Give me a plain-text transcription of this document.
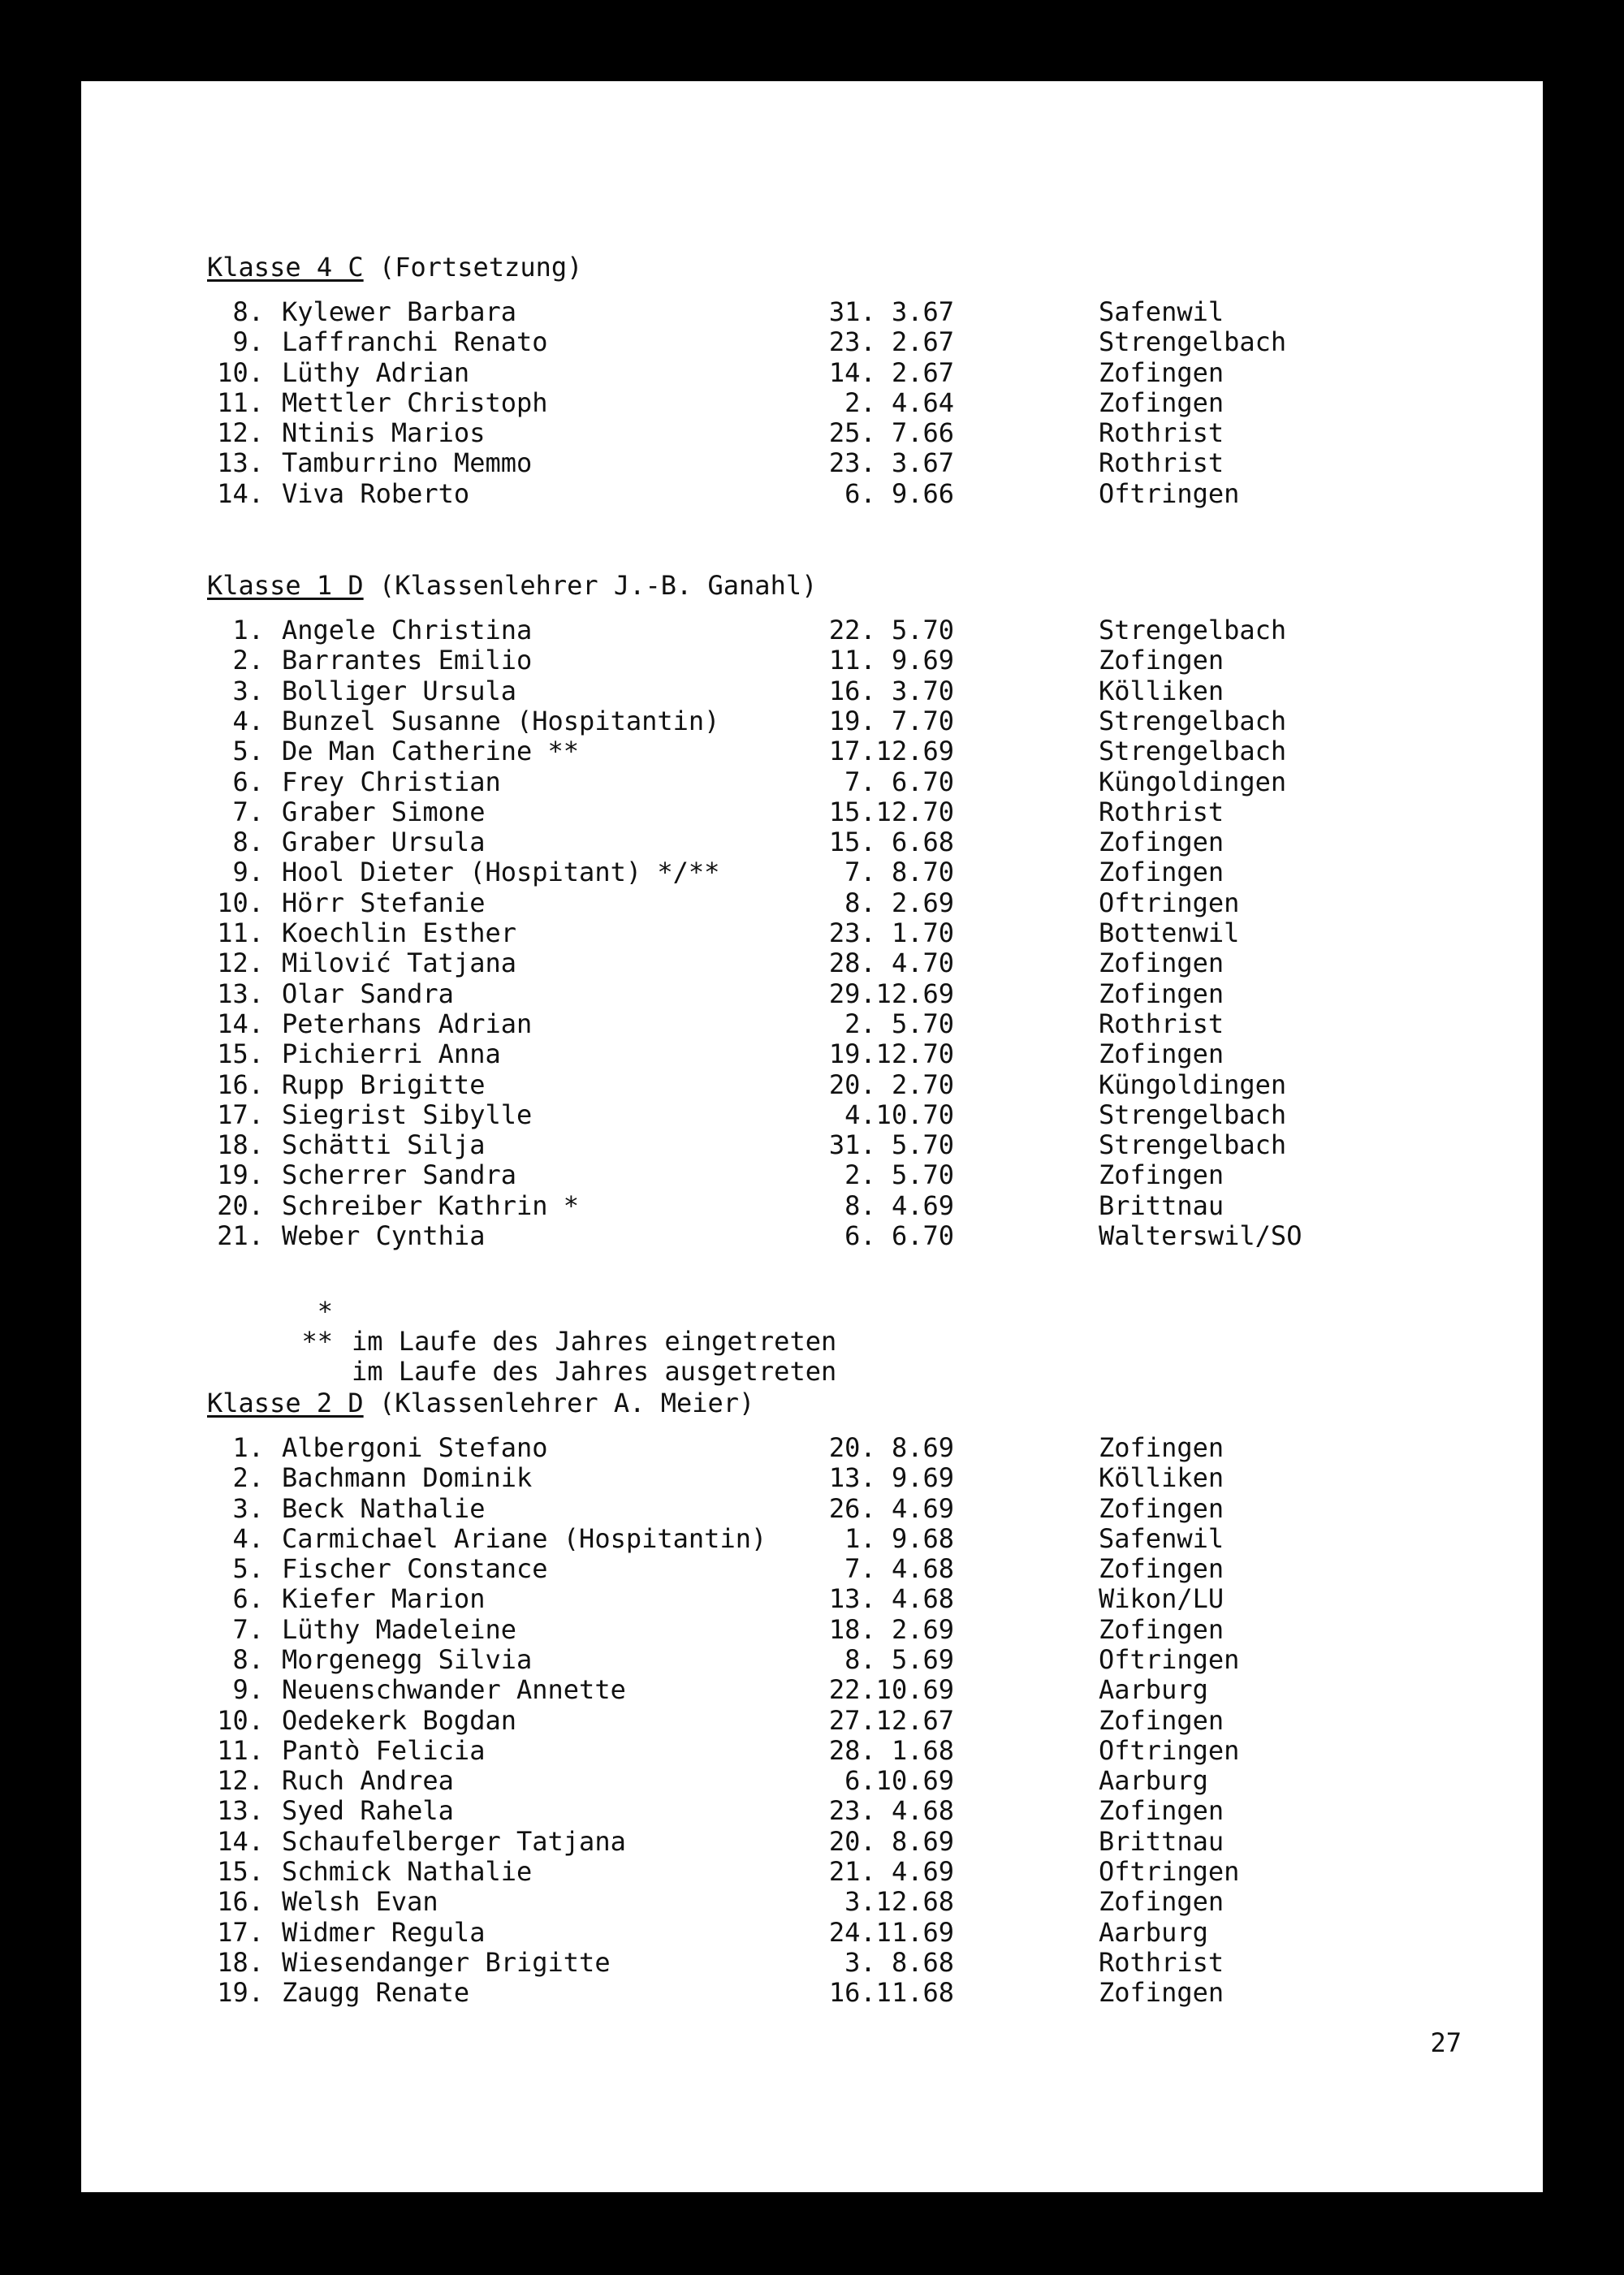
Klasse 4 C (Fortsetzung)
8. Kylewer Barbara	31. 3.67	Safenwil
9. Laffranchi Renato	23. 2.67	Strengelbach
10. Lüthy Adrian	14. 2.67	Zofingen
11. Mettler Christoph	2. 4.64	Zofingen
12. Ntinis Marios	25. 7.66	Rothrist
13. Tamburrino Memmo	23. 3.67	Rothrist
14. Viva Roberto	6. 9.66	Oftringen
Klasse 1 D (Klassenlehrer J.-B. Ganahl)
1. Angele Christina	22. 5.70	Strengelbach
2. Barrantes Emilio	11. 9.69	Zofingen
3. Bolliger Ursula	16. 3.70	Kölliken
4. Bunzel Susanne (Hospitantin)	19. 7.70	Strengelbach
5. De Man Catherine **	17.12.69	Strengelbach
6. Frey Christian	7. 6.70	Küngoldingen
7. Graber Simone	15.12.70	Rothrist
8. Graber Ursula	15. 6.68	Zofingen
9. Hool Dieter (Hospitant) */**	7. 8.70	Zofingen
10. Hörr Stefanie	8. 2.69	Oftringen
11. Koechlin Esther	23. 1.70	Bottenwil
12. Milović Tatjana	28. 4.70	Zofingen
13. Olar Sandra	29.12.69	Zofingen
14. Peterhans Adrian	2. 5.70	Rothrist
15. Pichierri Anna	19.12.70	Zofingen
16. Rupp Brigitte	20. 2.70	Küngoldingen
17. Siegrist Sibylle	4.10.70	Strengelbach
18. Schätti Silja	31. 5.70	Strengelbach
19. Scherrer Sandra	2. 5.70	Zofingen
20. Schreiber Kathrin *	8. 4.69	Brittnau
21. Weber Cynthia	6. 6.70	Walterswil/SO

*

im Laufe des Jahres eingetreten

**

im Laufe des Jahres ausgetreten

Klasse 2 D (Klassenlehrer A. Meier)
1. Albergoni Stefano	20. 8.69	Zofingen
2. Bachmann Dominik	13. 9.69	Kölliken
3. Beck Nathalie	26. 4.69	Zofingen
4. Carmichael Ariane (Hospitantin)	1. 9.68	Safenwil
5. Fischer Constance	7. 4.68	Zofingen
6. Kiefer Marion	13. 4.68	Wikon/LU
7. Lüthy Madeleine	18. 2.69	Zofingen
8. Morgenegg Silvia	8. 5.69	Oftringen
9. Neuenschwander Annette	22.10.69	Aarburg
10. Oedekerk Bogdan	27.12.67	Zofingen
11. Pantò Felicia	28. 1.68	Oftringen
12. Ruch Andrea	6.10.69	Aarburg
13. Syed Rahela	23. 4.68	Zofingen
14. Schaufelberger Tatjana	20. 8.69	Brittnau
15. Schmick Nathalie	21. 4.69	Oftringen
16. Welsh Evan	3.12.68	Zofingen
17. Widmer Regula	24.11.69	Aarburg
18. Wiesendanger Brigitte	3. 8.68	Rothrist
19. Zaugg Renate	16.11.68	Zofingen
27
